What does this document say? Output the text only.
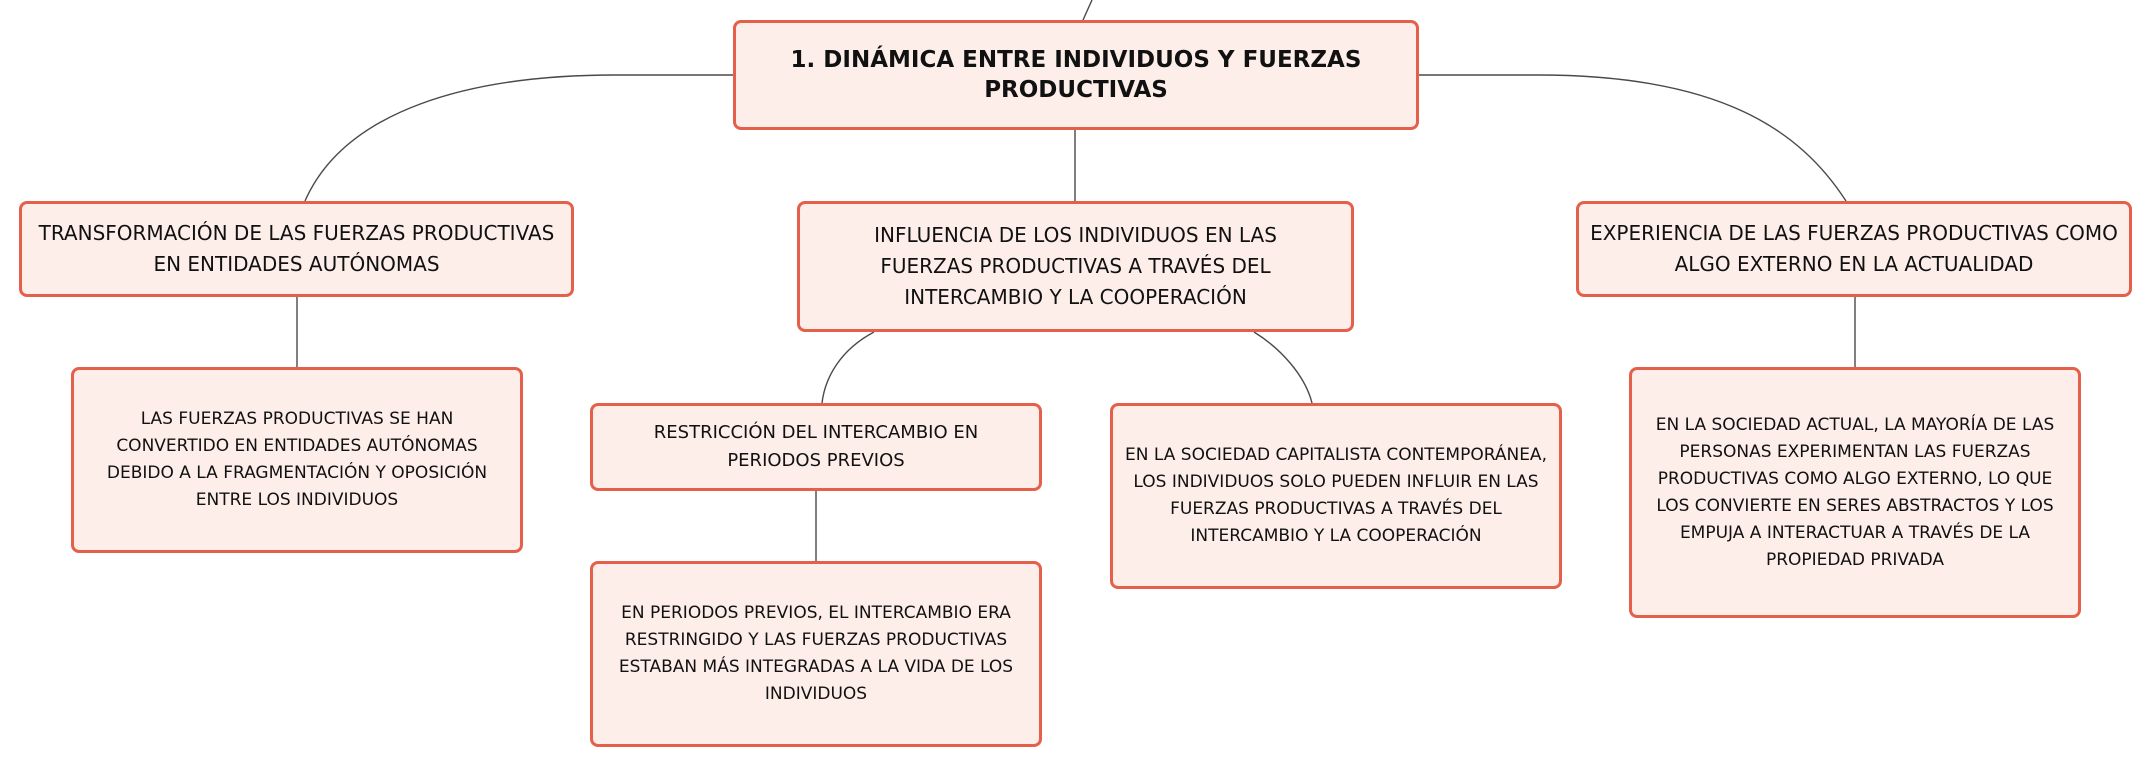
1. DINÁMICA ENTRE INDIVIDUOS Y FUERZAS PRODUCTIVAS
TRANSFORMACIÓN DE LAS FUERZAS PRODUCTIVAS EN ENTIDADES AUTÓNOMAS
INFLUENCIA DE LOS INDIVIDUOS EN LAS FUERZAS PRODUCTIVAS A TRAVÉS DEL INTERCAMBIO Y LA COOPERACIÓN
EXPERIENCIA DE LAS FUERZAS PRODUCTIVAS COMO ALGO EXTERNO EN LA ACTUALIDAD
LAS FUERZAS PRODUCTIVAS SE HAN CONVERTIDO EN ENTIDADES AUTÓNOMAS DEBIDO A LA FRAGMENTACIÓN Y OPOSICIÓN ENTRE LOS INDIVIDUOS
RESTRICCIÓN DEL INTERCAMBIO EN PERIODOS PREVIOS	EN LA SOCIEDAD CAPITALISTA CONTEMPORÁNEA, LOS INDIVIDUOS SOLO PUEDEN INFLUIR EN LAS FUERZAS PRODUCTIVAS A TRAVÉS DEL INTERCAMBIO Y LA COOPERACIÓN
EN PERIODOS PREVIOS, EL INTERCAMBIO ERA RESTRINGIDO Y LAS FUERZAS PRODUCTIVAS ESTABAN MÁS INTEGRADAS A LA VIDA DE LOS INDIVIDUOS
EN LA SOCIEDAD ACTUAL, LA MAYORÍA DE LAS PERSONAS EXPERIMENTAN LAS FUERZAS PRODUCTIVAS COMO ALGO EXTERNO, LO QUE LOS CONVIERTE EN SERES ABSTRACTOS Y LOS EMPUJA A INTERACTUAR A TRAVÉS DE LA PROPIEDAD PRIVADA
